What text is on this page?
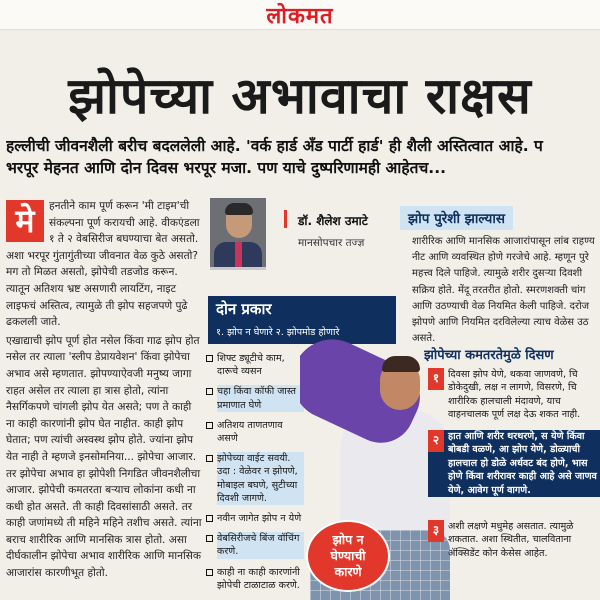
लोकमत
झोपेच्या अभावाचा राक्षस
हल्लीची जीवनशैली बरीच बदललेली आहे. 'वर्क हार्ड अँड पार्टी हार्ड' ही शैली अस्तित्वात आहे. प
भरपूर मेहनत आणि दोन दिवस भरपूर मजा. पण याचे दुष्परिणामही आहेतच...
मे	हनतीने काम पूर्ण करून 'मी टाइम'ची संकल्पना पूर्ण करायची आहे. वीकएंडला १ ते २ वेबसिरीज बघण्याचा बेत असतो. अशा भरपूर गुंतागुंतीच्या जीवनात वेळ कुठे असतो? मग तो मिळत असतो, झोपेची तडजोड करून. त्यातून अतिशय भ्रष्ट असणारी लायटिंग, नाइट लाइफचं अस्तित्व, त्यामुळे ती झोप सहजपणे पुढे ढकलली जाते.

एखाद्याची झोप पूर्ण होत नसेल किंवा गाढ झोप होत नसेल तर त्याला 'स्लीप डेप्रायवेशन' किंवा झोपेचा अभाव असे म्हणतात. झोपण्याऐवजी मनुष्य जागा राहत असेल तर त्याला हा त्रास होतो, त्यांना नैसर्गिकपणे चांगली झोप येत असते; पण ते काही ना काही कारणांनी झोप घेत नाहीत. काही झोप घेतात; पण त्यांची अस्वस्थ झोप होते. ज्यांना झोप येत नाही ते म्हणजे इनसोमनिया... झोपेचा आजार. तर झोपेचा अभाव हा झोपेशी निगडित जीवनशैलीचा आजार. झोपेची कमतरता बऱ्याच लोकांना कधी ना कधी होत असते. ती काही दिवसांसाठी असते. तर काही जणांमध्ये ती महिने महिने तशीच असते. त्यांना बराच शारीरिक आणि मानसिक त्रास होतो. असा दीर्घकालीन झोपेचा अभाव शारीरिक आणि मानसिक आजारांस कारणीभूत होतो.

डॉ. शैलेश उमाटे
मानसोपचार तज्ज्ञ
दोन प्रकार
१. झोप न घेणारे २. झोपमोड होणारे
झोप पुरेशी झाल्यास
शारीरिक आणि मानसिक आजारांपासून लांब राहण्य नीट आणि व्यवस्थित होणे गरजेचे आहे. म्हणून पुरे महत्त्व दिले पाहिजे. त्यामुळे शरीर दुसऱ्या दिवशी सक्रिय होते. मेंदू तरतरीत होतो. स्मरणशक्ती चांग आणि उठण्याची वेळ नियमित केली पाहिजे. दरोज झोपणे आणि नियमित दरविलेल्या त्याच वेळेस उठ असते.
शिफ्ट ड्यूटीचे काम, दारूचे व्यसन
चहा किंवा कॉफी जास्त प्रमाणात घेणे
अतिशय ताणतणाव असणे
झोपेच्या वाईट सवयी. उदा : वेळेवर न झोपणे, मोबाइल बघणे, सुटीच्या दिवशी जागणे.
नवीन जागेत झोप न येणे
वेबसिरीजचे बिंज वॉचिंग करणे.
काही ना काही कारणांनी झोपेची टाळाटाळ करणे.
झोप न
घेण्याची
कारणे
झोपेच्या कमतरतेमुळे दिसण
१ दिवसा झोप येणे, थकवा जाणवणे, चि डोकेदुखी, लक्ष न लागणे, विसरणे, चि शारीरिक हालचाली मंदावणे, याच वाहनचालक पूर्ण लक्ष देऊ शकत नाही.
२ हात आणि शरीर थरथरणे, स येणे किंवा बोबडी वळणे, आ झोप येणे, डोळ्याची हालचाल हो डोळे अर्धवट बंद होणे, भास होणे किंवा शरीरावर काही आहे असे जाणव येणे, आवेग पूर्ण वागणे.
३ अशी लक्षणे मधुमेह असतात. त्यामुळे शकतात. अशा स्थितीत, चालविताना ॲक्सिडेंट कोन केसेस आहेत.
